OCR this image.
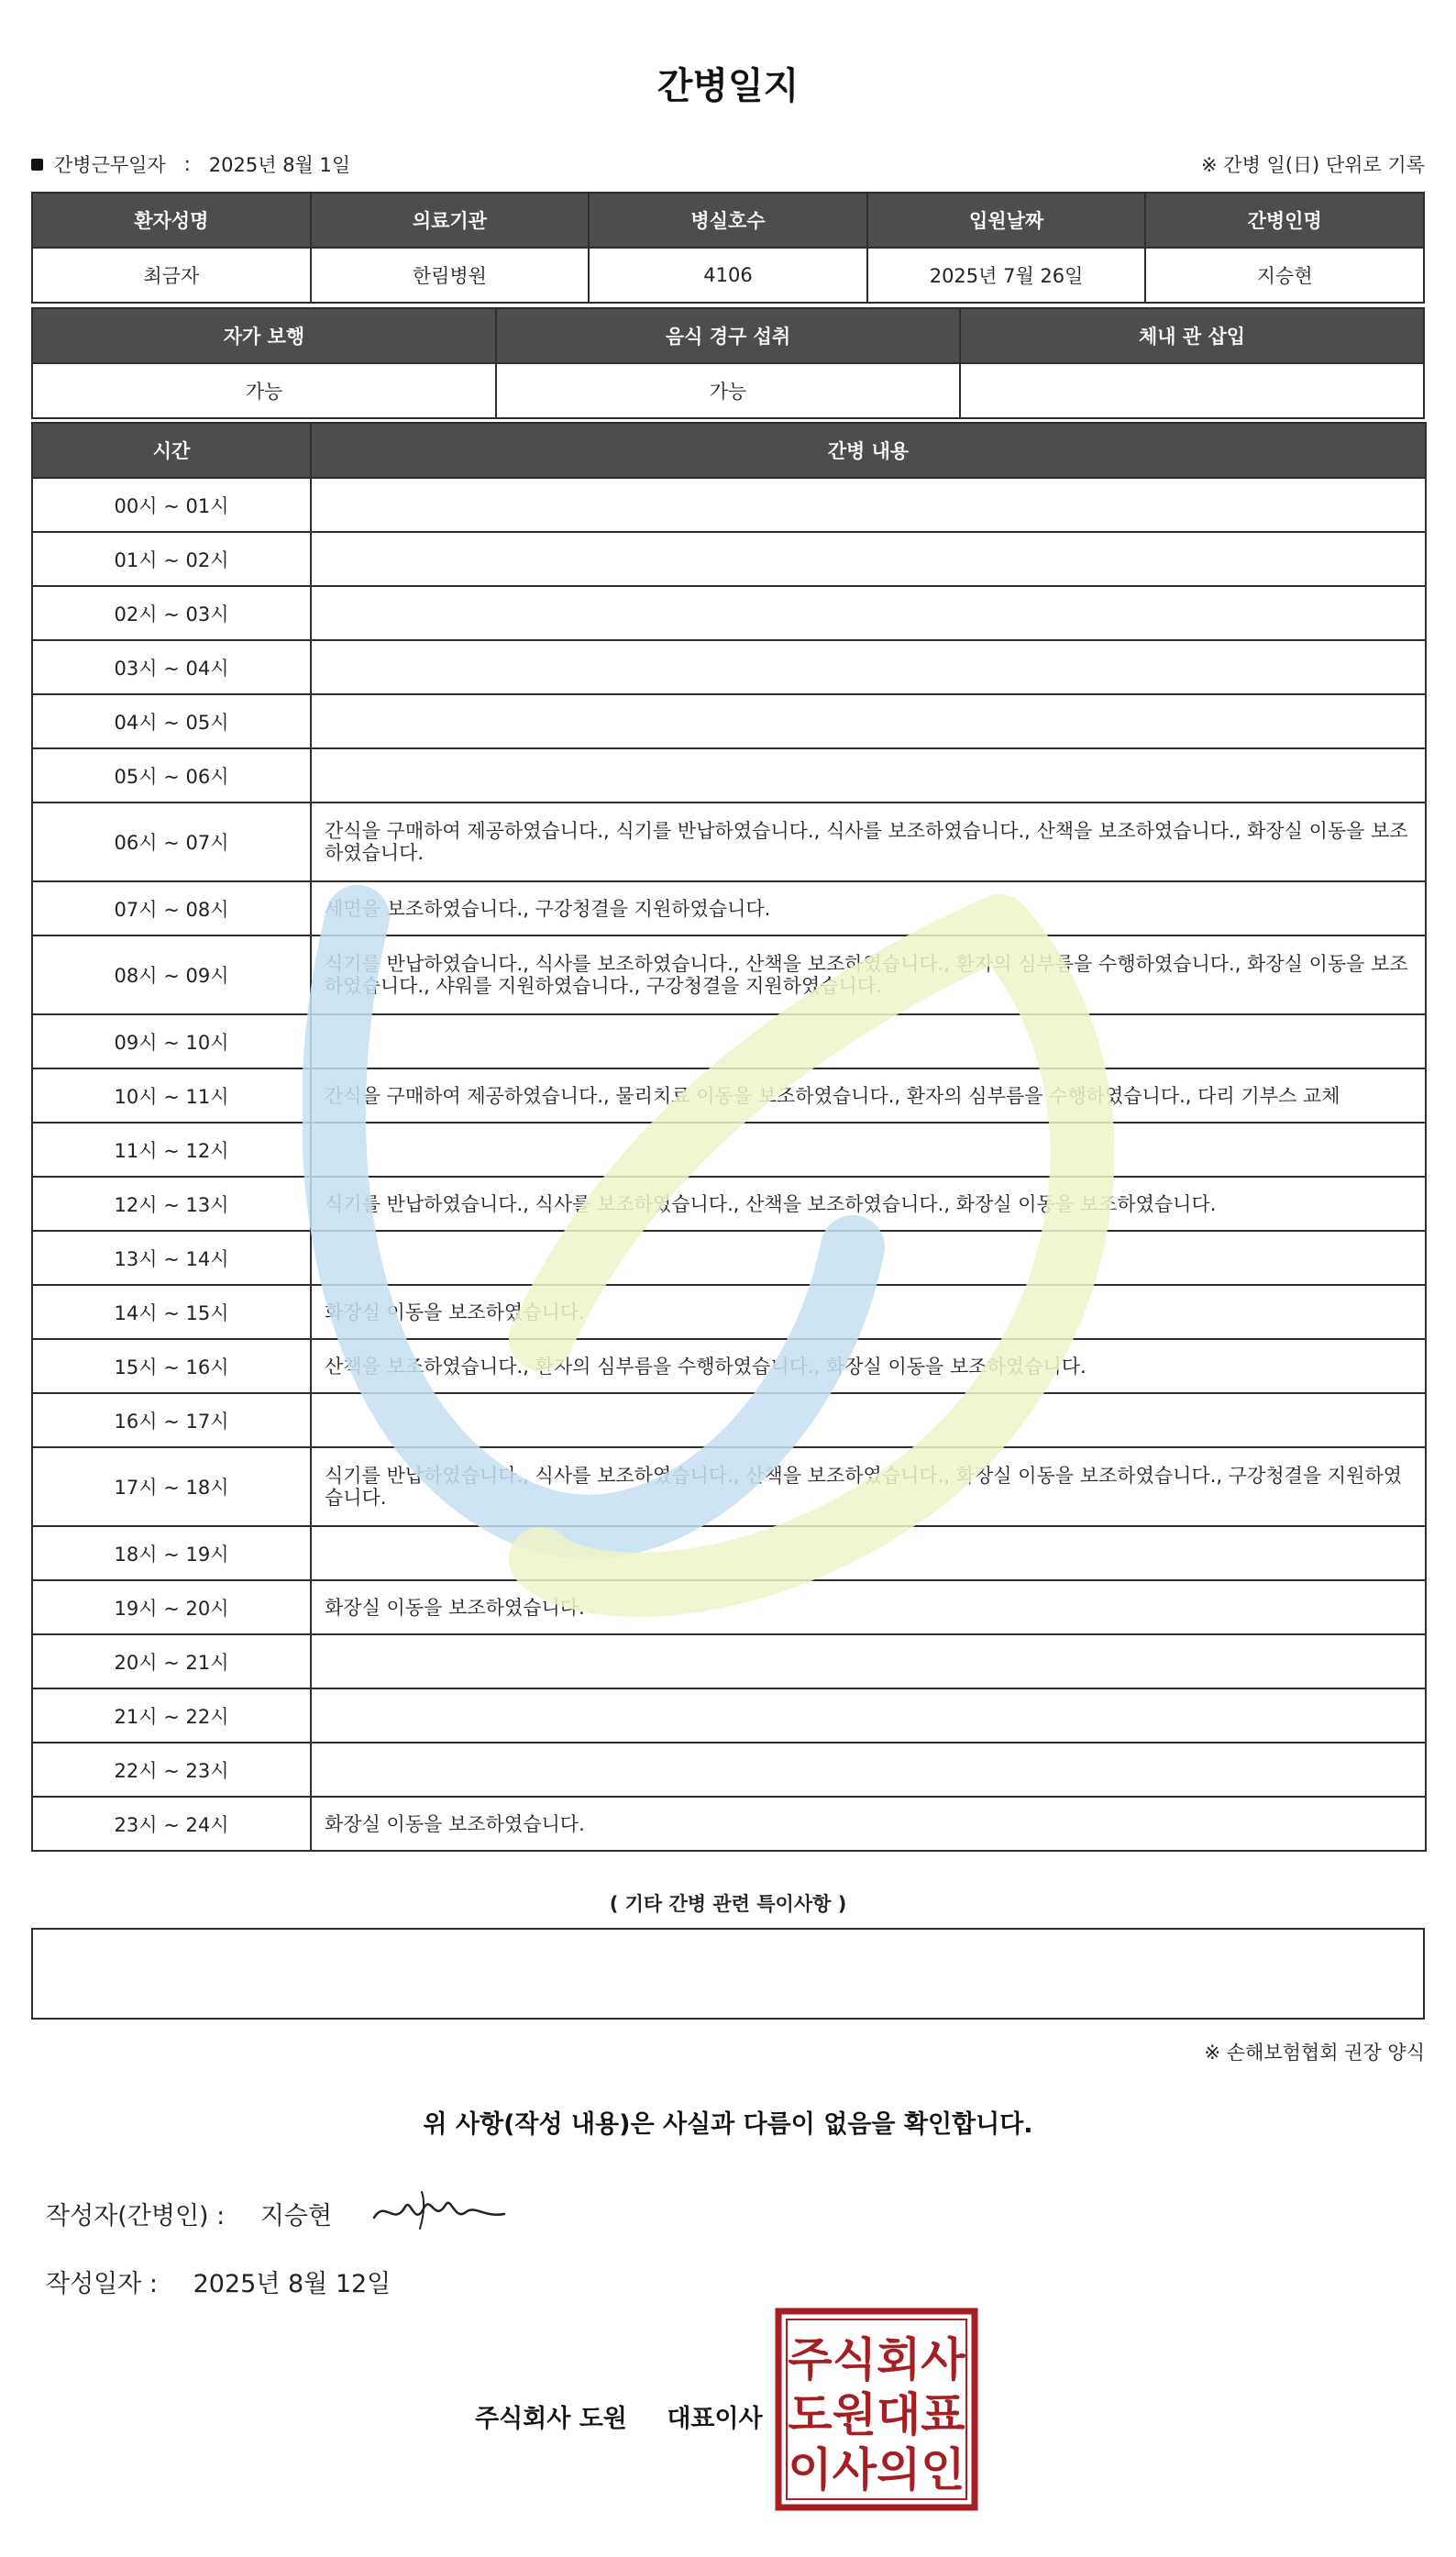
간병일지
간병근무일자 : 2025년 8월 1일	※ 간병 일(日) 단위로 기록
환자성명	의료기관	병실호수	입원날짜	간병인명
최금자	한림병원	4106	2025년 7월 26일	지승현
자가 보행	음식 경구 섭취	체내 관 삽입
가능	가능	
시간	간병 내용
00시 ~ 01시	
01시 ~ 02시	
02시 ~ 03시	
03시 ~ 04시	
04시 ~ 05시	
05시 ~ 06시	
06시 ~ 07시	간식을 구매하여 제공하였습니다., 식기를 반납하였습니다., 식사를 보조하였습니다., 산책을 보조하였습니다., 화장실 이동을 보조하였습니다.
07시 ~ 08시	세면을 보조하였습니다., 구강청결을 지원하였습니다.
08시 ~ 09시	식기를 반납하였습니다., 식사를 보조하였습니다., 산책을 보조하였습니다., 환자의 심부름을 수행하였습니다., 화장실 이동을 보조하였습니다., 샤워를 지원하였습니다., 구강청결을 지원하였습니다.
09시 ~ 10시	
10시 ~ 11시	간식을 구매하여 제공하였습니다., 물리치료 이동을 보조하였습니다., 환자의 심부름을 수행하였습니다., 다리 기부스 교체
11시 ~ 12시	
12시 ~ 13시	식기를 반납하였습니다., 식사를 보조하였습니다., 산책을 보조하였습니다., 화장실 이동을 보조하였습니다.
13시 ~ 14시	
14시 ~ 15시	화장실 이동을 보조하였습니다.
15시 ~ 16시	산책을 보조하였습니다., 환자의 심부름을 수행하였습니다., 화장실 이동을 보조하였습니다.
16시 ~ 17시	
17시 ~ 18시	식기를 반납하였습니다., 식사를 보조하였습니다., 산책을 보조하였습니다., 화장실 이동을 보조하였습니다., 구강청결을 지원하였습니다.
18시 ~ 19시	
19시 ~ 20시	화장실 이동을 보조하였습니다.
20시 ~ 21시	
21시 ~ 22시	
22시 ~ 23시	
23시 ~ 24시	화장실 이동을 보조하였습니다.
( 기타 간병 관련 특이사항 )
※ 손해보험협회 권장 양식
위 사항(작성 내용)은 사실과 다름이 없음을 확인합니다.
작성자(간병인) : 지승현
작성일자 : 2025년 8월 12일
주식회사 도원 대표이사
주식회사
도원대표
이사의인
